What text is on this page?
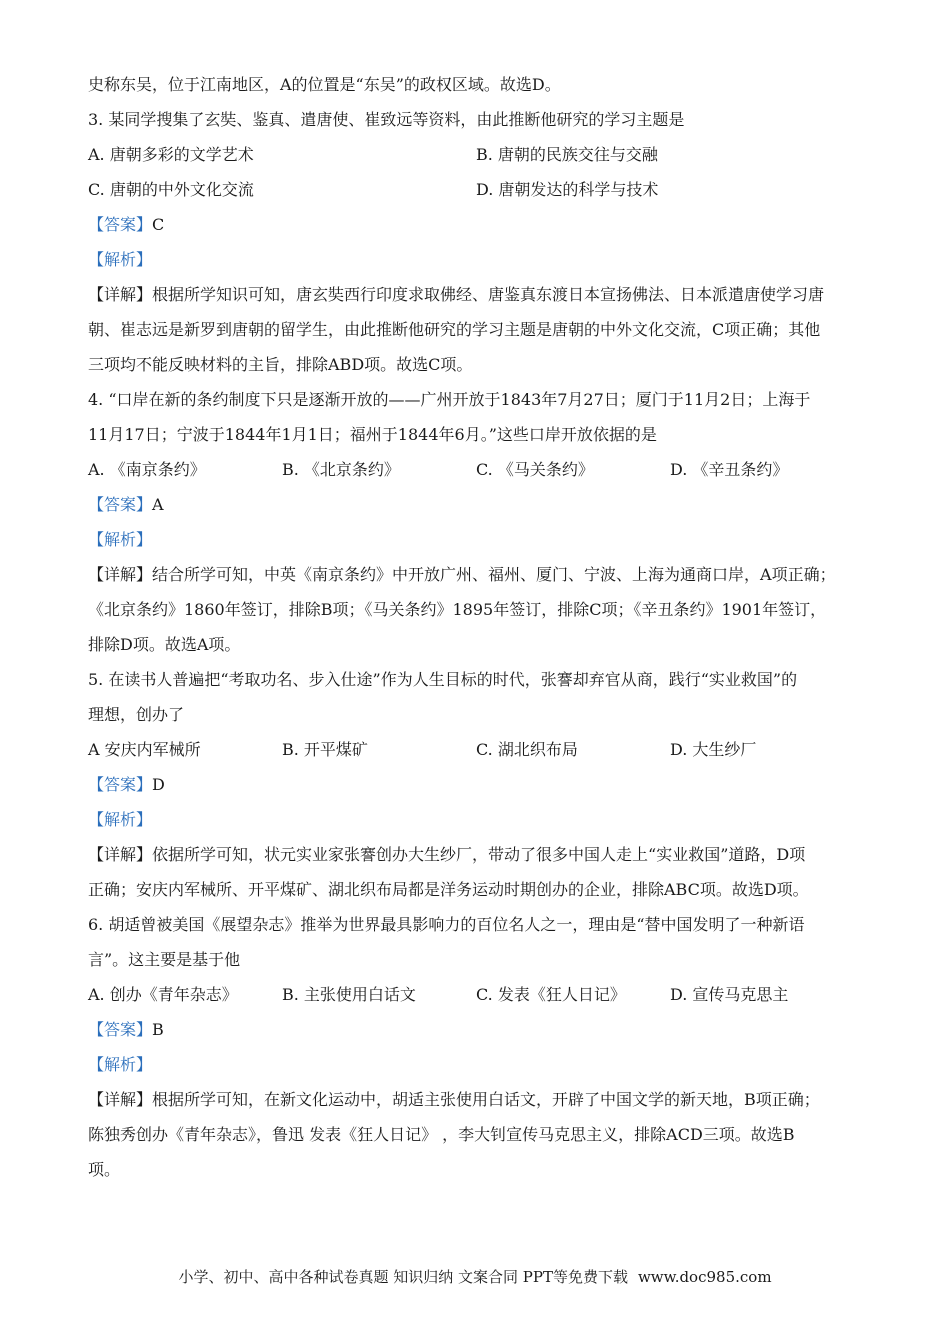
史称东吴，位于江南地区，A的位置是“东吴”的政权区域。故选D。
3. 某同学搜集了玄奘、鉴真、遣唐使、崔致远等资料，由此推断他研究的学习主题是
A. 唐朝多彩的文学艺术	B. 唐朝的民族交往与交融
C. 唐朝的中外文化交流	D. 唐朝发达的科学与技术
【答案】C
【解析】
【详解】根据所学知识可知，唐玄奘西行印度求取佛经、唐鉴真东渡日本宣扬佛法、日本派遣唐使学习唐
朝、崔志远是新罗到唐朝的留学生，由此推断他研究的学习主题是唐朝的中外文化交流，C项正确；其他
三项均不能反映材料的主旨，排除ABD项。故选C项。
4. “口岸在新的条约制度下只是逐渐开放的——广州开放于1843年7月27日；厦门于11月2日；上海于
11月17日；宁波于1844年1月1日；福州于1844年6月。”这些口岸开放依据的是
A. 《南京条约》	B. 《北京条约》	C. 《马关条约》	D. 《辛丑条约》
【答案】A
【解析】
【详解】结合所学可知，中英《南京条约》中开放广州、福州、厦门、宁波、上海为通商口岸，A项正确；
《北京条约》1860年签订，排除B项；《马关条约》1895年签订，排除C项；《辛丑条约》1901年签订，
排除D项。故选A项。
5. 在读书人普遍把“考取功名、步入仕途”作为人生目标的时代，张謇却弃官从商，践行“实业救国”的
理想，创办了
A 安庆内军械所	B. 开平煤矿	C. 湖北织布局	D. 大生纱厂
【答案】D
【解析】
【详解】依据所学可知，状元实业家张謇创办大生纱厂，带动了很多中国人走上“实业救国”道路，D项
正确；安庆内军械所、开平煤矿、湖北织布局都是洋务运动时期创办的企业，排除ABC项。故选D项。
6. 胡适曾被美国《展望杂志》推举为世界最具影响力的百位名人之一，理由是“替中国发明了一种新语
言”。这主要是基于他
A. 创办《青年杂志》	B. 主张使用白话文	C. 发表《狂人日记》	D. 宣传马克思主
【答案】B
【解析】
【详解】根据所学可知，在新文化运动中，胡适主张使用白话文，开辟了中国文学的新天地，B项正确；
陈独秀创办《青年杂志》，鲁迅 发表《狂人日记》 ，李大钊宣传马克思主义，排除ACD三项。故选B
项。
小学、初中、高中各种试卷真题 知识归纳 文案合同 PPT等免费下载 www.doc985.com
